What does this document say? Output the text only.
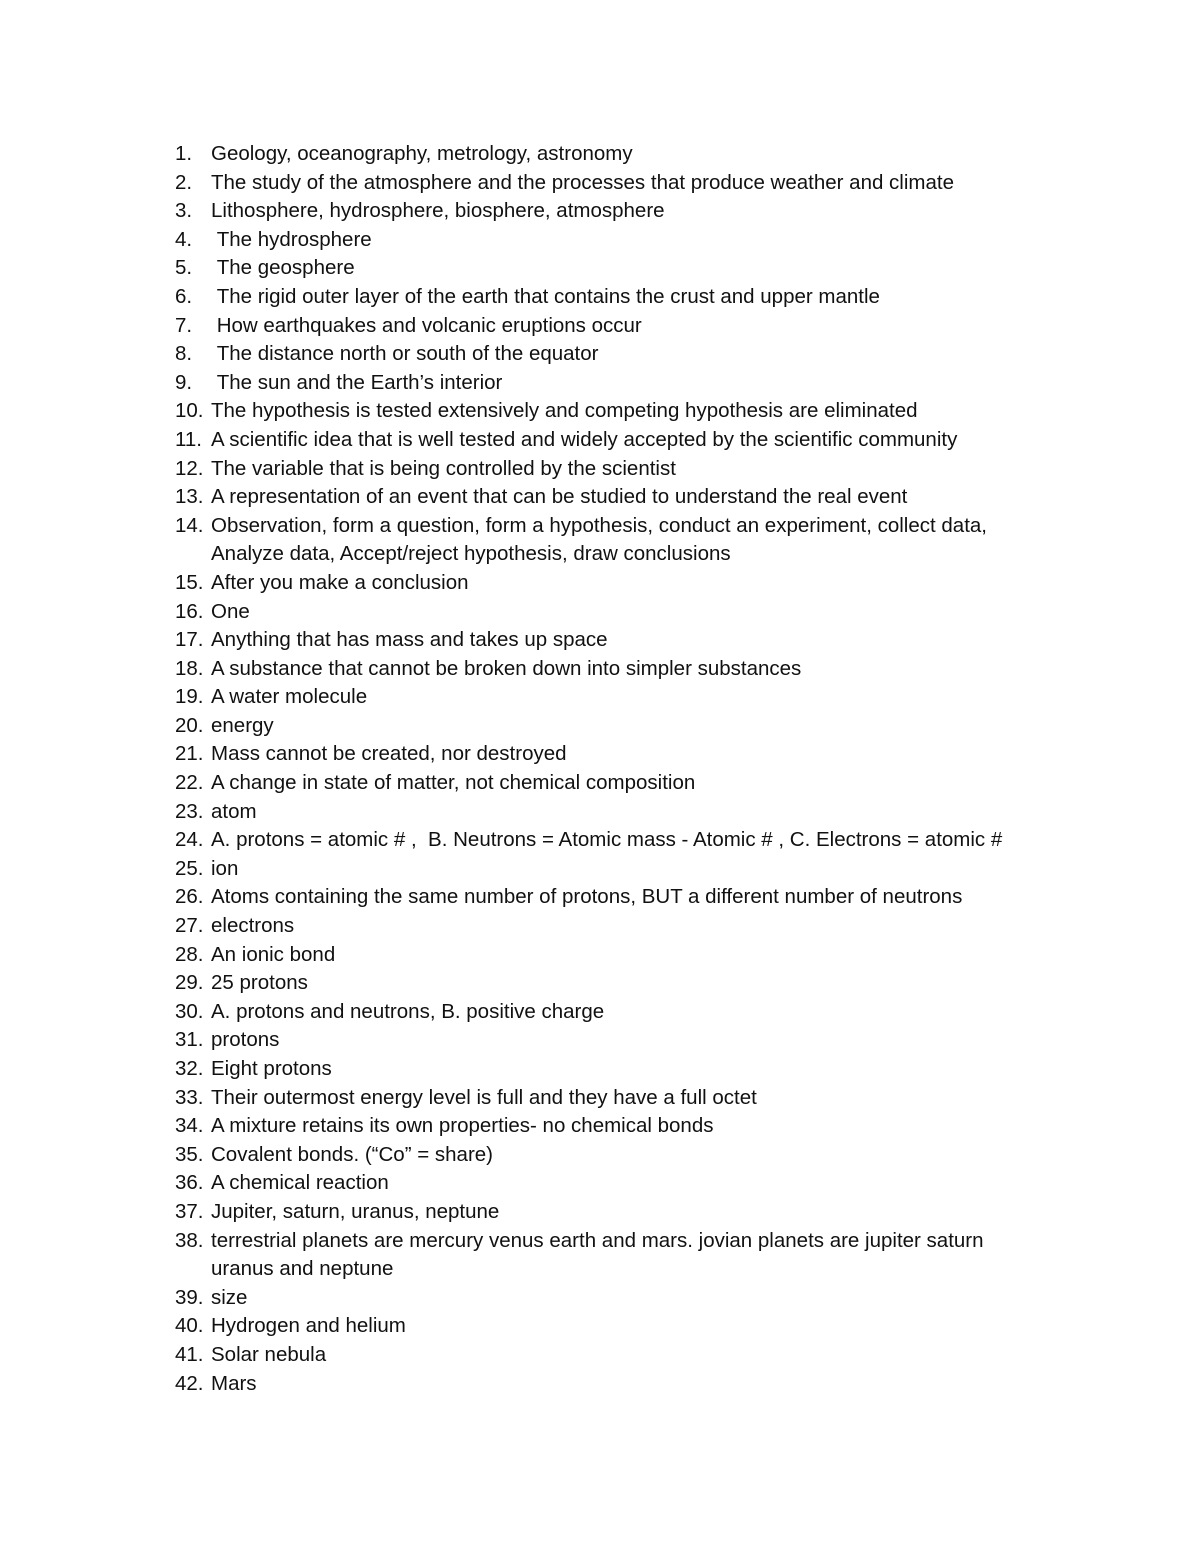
1. Geology, oceanography, metrology, astronomy
2. The study of the atmosphere and the processes that produce weather and climate
3. Lithosphere, hydrosphere, biosphere, atmosphere
4. The hydrosphere
5. The geosphere
6. The rigid outer layer of the earth that contains the crust and upper mantle
7. How earthquakes and volcanic eruptions occur
8. The distance north or south of the equator
9. The sun and the Earth’s interior
10. The hypothesis is tested extensively and competing hypothesis are eliminated
11. A scientific idea that is well tested and widely accepted by the scientific community
12. The variable that is being controlled by the scientist
13. A representation of an event that can be studied to understand the real event
14. Observation, form a question, form a hypothesis, conduct an experiment, collect data,
Analyze data, Accept/reject hypothesis, draw conclusions
15. After you make a conclusion
16. One
17. Anything that has mass and takes up space
18. A substance that cannot be broken down into simpler substances
19. A water molecule
20. energy
21. Mass cannot be created, nor destroyed
22. A change in state of matter, not chemical composition
23. atom
24. A. protons = atomic # ,  B. Neutrons = Atomic mass - Atomic # , C. Electrons = atomic #
25. ion
26. Atoms containing the same number of protons, BUT a different number of neutrons
27. electrons
28. An ionic bond
29. 25 protons
30. A. protons and neutrons, B. positive charge
31. protons
32. Eight protons
33. Their outermost energy level is full and they have a full octet
34. A mixture retains its own properties- no chemical bonds
35. Covalent bonds. (“Co” = share)
36. A chemical reaction
37. Jupiter, saturn, uranus, neptune
38. terrestrial planets are mercury venus earth and mars. jovian planets are jupiter saturn
uranus and neptune
39. size
40. Hydrogen and helium
41. Solar nebula
42. Mars
